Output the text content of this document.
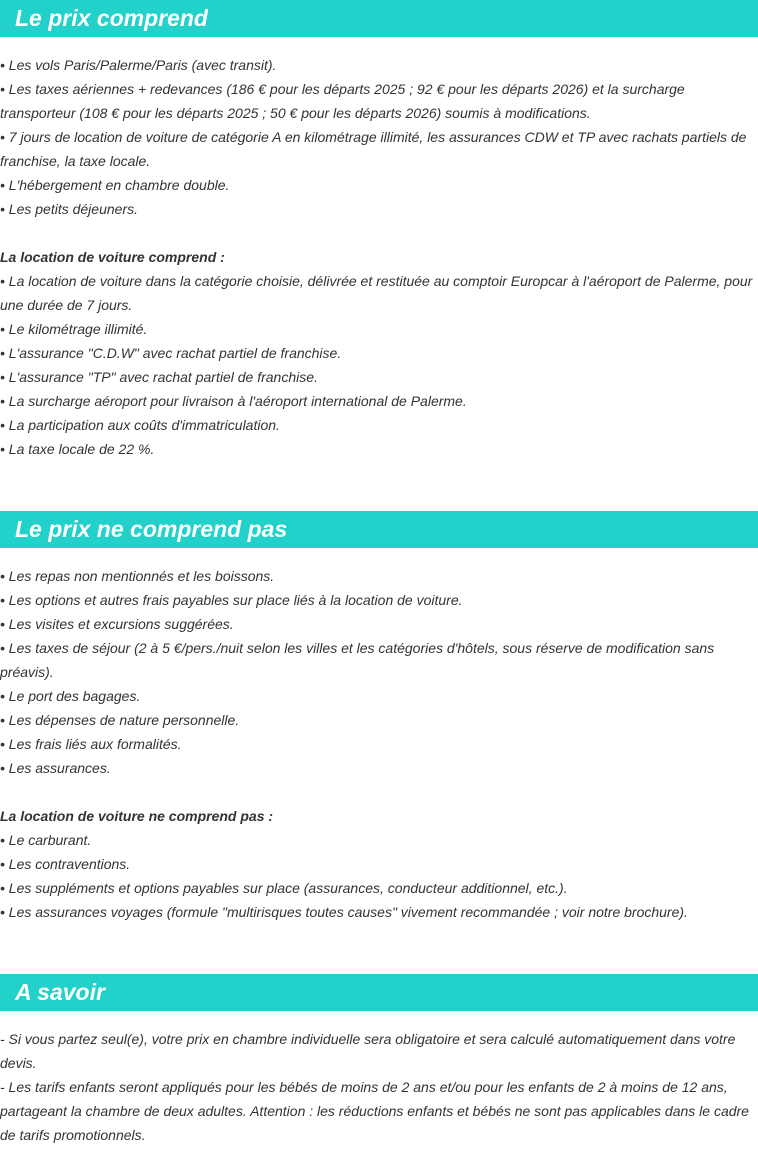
Le prix comprend

• Les vols Paris/Palerme/Paris (avec transit).

• Les taxes aériennes + redevances (186 € pour les départs 2025 ; 92 € pour les départs 2026) et la surcharge transporteur (108 € pour les départs 2025 ; 50 € pour les départs 2026) soumis à modifications.

• 7 jours de location de voiture de catégorie A en kilométrage illimité, les assurances CDW et TP avec rachats partiels de franchise, la taxe locale.

• L'hébergement en chambre double.

• Les petits déjeuners.

La location de voiture comprend :

• La location de voiture dans la catégorie choisie, délivrée et restituée au comptoir Europcar à l'aéroport de Palerme, pour une durée de 7 jours.

• Le kilométrage illimité.

• L'assurance "C.D.W" avec rachat partiel de franchise.

• L'assurance "TP" avec rachat partiel de franchise.

• La surcharge aéroport pour livraison à l'aéroport international de Palerme.

• La participation aux coûts d'immatriculation.

• La taxe locale de 22 %.

Le prix ne comprend pas

• Les repas non mentionnés et les boissons.

• Les options et autres frais payables sur place liés à la location de voiture.

• Les visites et excursions suggérées.

• Les taxes de séjour (2 à 5 €/pers./nuit selon les villes et les catégories d'hôtels, sous réserve de modification sans préavis).

• Le port des bagages.

• Les dépenses de nature personnelle.

• Les frais liés aux formalités.

• Les assurances.

La location de voiture ne comprend pas :

• Le carburant.

• Les contraventions.

• Les suppléments et options payables sur place (assurances, conducteur additionnel, etc.).

• Les assurances voyages (formule "multirisques toutes causes" vivement recommandée ; voir notre brochure).

A savoir

- Si vous partez seul(e), votre prix en chambre individuelle sera obligatoire et sera calculé automatiquement dans votre devis.

- Les tarifs enfants seront appliqués pour les bébés de moins de 2 ans et/ou pour les enfants de 2 à moins de 12 ans, partageant la chambre de deux adultes. Attention : les réductions enfants et bébés ne sont pas applicables dans le cadre de tarifs promotionnels.
